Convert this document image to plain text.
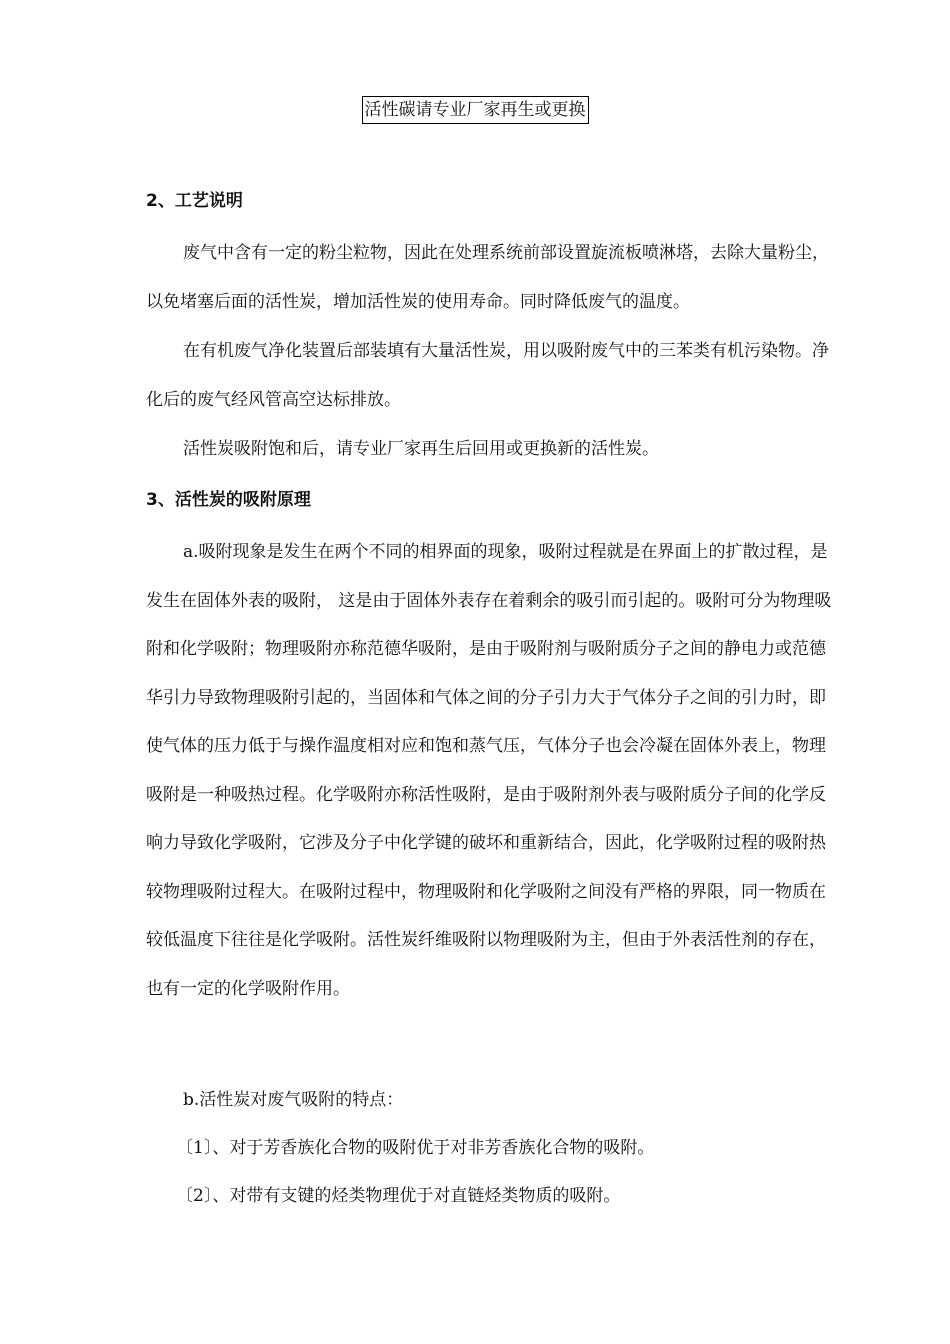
活性碳请专业厂家再生或更换
2、工艺说明

废气中含有一定的粉尘粒物，因此在处理系统前部设置旋流板喷淋塔，去除大量粉尘，以免堵塞后面的活性炭，增加活性炭的使用寿命。同时降低废气的温度。

在有机废气净化装置后部装填有大量活性炭，用以吸附废气中的三苯类有机污染物。净化后的废气经风管高空达标排放。

活性炭吸附饱和后，请专业厂家再生后回用或更换新的活性炭。

3、活性炭的吸附原理

a.吸附现象是发生在两个不同的相界面的现象，吸附过程就是在界面上的扩散过程，是发生在固体外表的吸附， 这是由于固体外表存在着剩余的吸引而引起的。吸附可分为物理吸附和化学吸附；物理吸附亦称范德华吸附，是由于吸附剂与吸附质分子之间的静电力或范德华引力导致物理吸附引起的，当固体和气体之间的分子引力大于气体分子之间的引力时，即使气体的压力低于与操作温度相对应和饱和蒸气压，气体分子也会冷凝在固体外表上，物理吸附是一种吸热过程。化学吸附亦称活性吸附，是由于吸附剂外表与吸附质分子间的化学反响力导致化学吸附，它涉及分子中化学键的破坏和重新结合，因此，化学吸附过程的吸附热较物理吸附过程大。在吸附过程中，物理吸附和化学吸附之间没有严格的界限，同一物质在较低温度下往往是化学吸附。活性炭纤维吸附以物理吸附为主，但由于外表活性剂的存在，也有一定的化学吸附作用。

b.活性炭对废气吸附的特点：
〔1〕、对于芳香族化合物的吸附优于对非芳香族化合物的吸附。
〔2〕、对带有支键的烃类物理优于对直链烃类物质的吸附。
